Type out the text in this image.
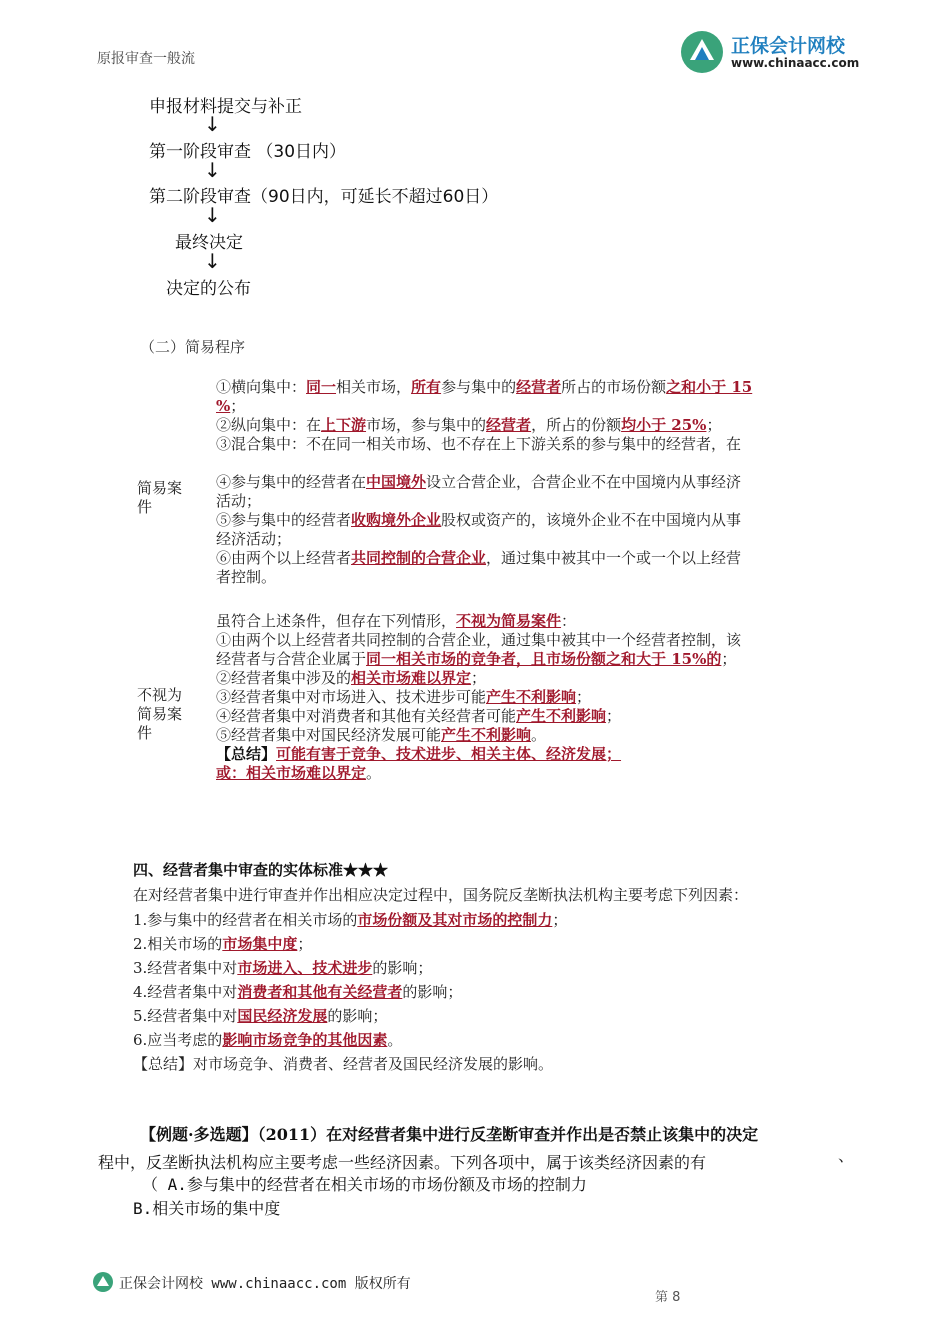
原报审查一般流
正保会计网校
www.chinaacc.com
申报材料提交与补正
↓
第一阶段审查 （30日内）
↓
第二阶段审查（90日内，可延长不超过60日）
↓
最终决定
↓
决定的公布
（二）简易程序
简易案件
不视为简易案件
①横向集中：同一相关市场，所有参与集中的经营者所占的市场份额之和小于 15
%；
②纵向集中：在上下游市场，参与集中的经营者，所占的份额均小于 25%；
③混合集中：不在同一相关市场、也不存在上下游关系的参与集中的经营者，在
④参与集中的经营者在中国境外设立合营企业，合营企业不在中国境内从事经济
活动；
⑤参与集中的经营者收购境外企业股权或资产的，该境外企业不在中国境内从事
经济活动；
⑥由两个以上经营者共同控制的合营企业，通过集中被其中一个或一个以上经营
者控制。
虽符合上述条件，但存在下列情形，不视为简易案件：
①由两个以上经营者共同控制的合营企业，通过集中被其中一个经营者控制，该
经营者与合营企业属于同一相关市场的竞争者，且市场份额之和大于 15%的；
②经营者集中涉及的相关市场难以界定；
③经营者集中对市场进入、技术进步可能产生不利影响；
④经营者集中对消费者和其他有关经营者可能产生不利影响；
⑤经营者集中对国民经济发展可能产生不利影响。
【总结】可能有害于竞争、技术进步、相关主体、经济发展；
或：相关市场难以界定。
四、经营者集中审查的实体标准★★★
在对经营者集中进行审查并作出相应决定过程中，国务院反垄断执法机构主要考虑下列因素：
1.参与集中的经营者在相关市场的市场份额及其对市场的控制力；
2.相关市场的市场集中度；
3.经营者集中对市场进入、技术进步的影响；
4.经营者集中对消费者和其他有关经营者的影响；
5.经营者集中对国民经济发展的影响；
6.应当考虑的影响市场竞争的其他因素。
【总结】对市场竞争、消费者、经营者及国民经济发展的影响。
【例题·多选题】（2011）在对经营者集中进行反垄断审查并作出是否禁止该集中的决定
程中，反垄断执法机构应主要考虑一些经济因素。下列各项中，属于该类经济因素的有	、
（ A.参与集中的经营者在相关市场的市场份额及市场的控制力
B.相关市场的集中度
正保会计网校 www.chinaacc.com 版权所有
第 8
